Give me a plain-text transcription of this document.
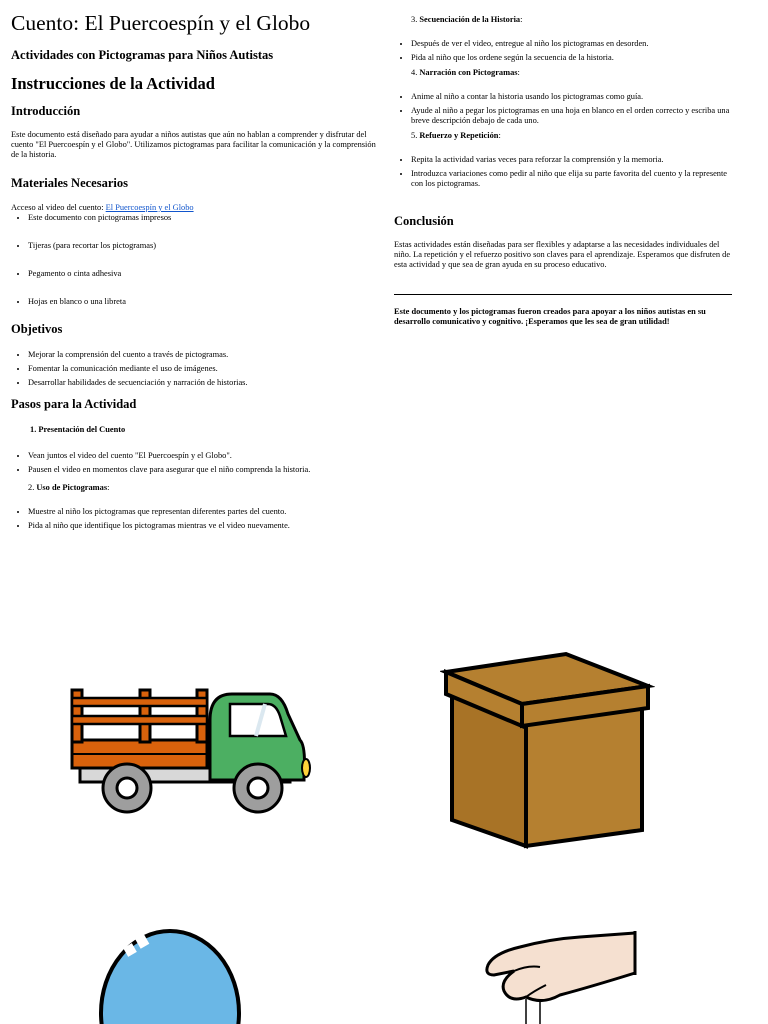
Cuento: El Puercoespín y el Globo
Actividades con Pictogramas para Niños Autistas
Instrucciones de la Actividad
Introducción

Este documento está diseñado para ayudar a niños autistas que aún no hablan a comprender y disfrutar del cuento "El Puercoespín y el Globo". Utilizamos pictogramas para facilitar la comunicación y la comprensión de la historia.

Materiales Necesarios

Acceso al video del cuento: El Puercoespín y el Globo

• Este documento con pictogramas impresos
• Tijeras (para recortar los pictogramas)
• Pegamento o cinta adhesiva
• Hojas en blanco o una libreta
Objetivos
• Mejorar la comprensión del cuento a través de pictogramas.
• Fomentar la comunicación mediante el uso de imágenes.
• Desarrollar habilidades de secuenciación y narración de historias.
Pasos para la Actividad

1. Presentación del Cuento

• Vean juntos el video del cuento "El Puercoespín y el Globo".
• Pausen el video en momentos clave para asegurar que el niño comprenda la historia.

2. Uso de Pictogramas:

• Muestre al niño los pictogramas que representan diferentes partes del cuento.
• Pida al niño que identifique los pictogramas mientras ve el video nuevamente.

3. Secuenciación de la Historia:

• Después de ver el video, entregue al niño los pictogramas en desorden.
• Pida al niño que los ordene según la secuencia de la historia.

4. Narración con Pictogramas:

• Anime al niño a contar la historia usando los pictogramas como guía.
• Ayude al niño a pegar los pictogramas en una hoja en blanco en el orden correcto y escriba una breve descripción debajo de cada uno.

5. Refuerzo y Repetición:

• Repita la actividad varias veces para reforzar la comprensión y la memoria.
• Introduzca variaciones como pedir al niño que elija su parte favorita del cuento y la represente con los pictogramas.
Conclusión

Estas actividades están diseñadas para ser flexibles y adaptarse a las necesidades individuales del niño. La repetición y el refuerzo positivo son claves para el aprendizaje. Esperamos que disfruten de esta actividad y que sea de gran ayuda en su proceso educativo.

Este documento y los pictogramas fueron creados para apoyar a los niños autistas en su desarrollo comunicativo y cognitivo. ¡Esperamos que les sea de gran utilidad!
